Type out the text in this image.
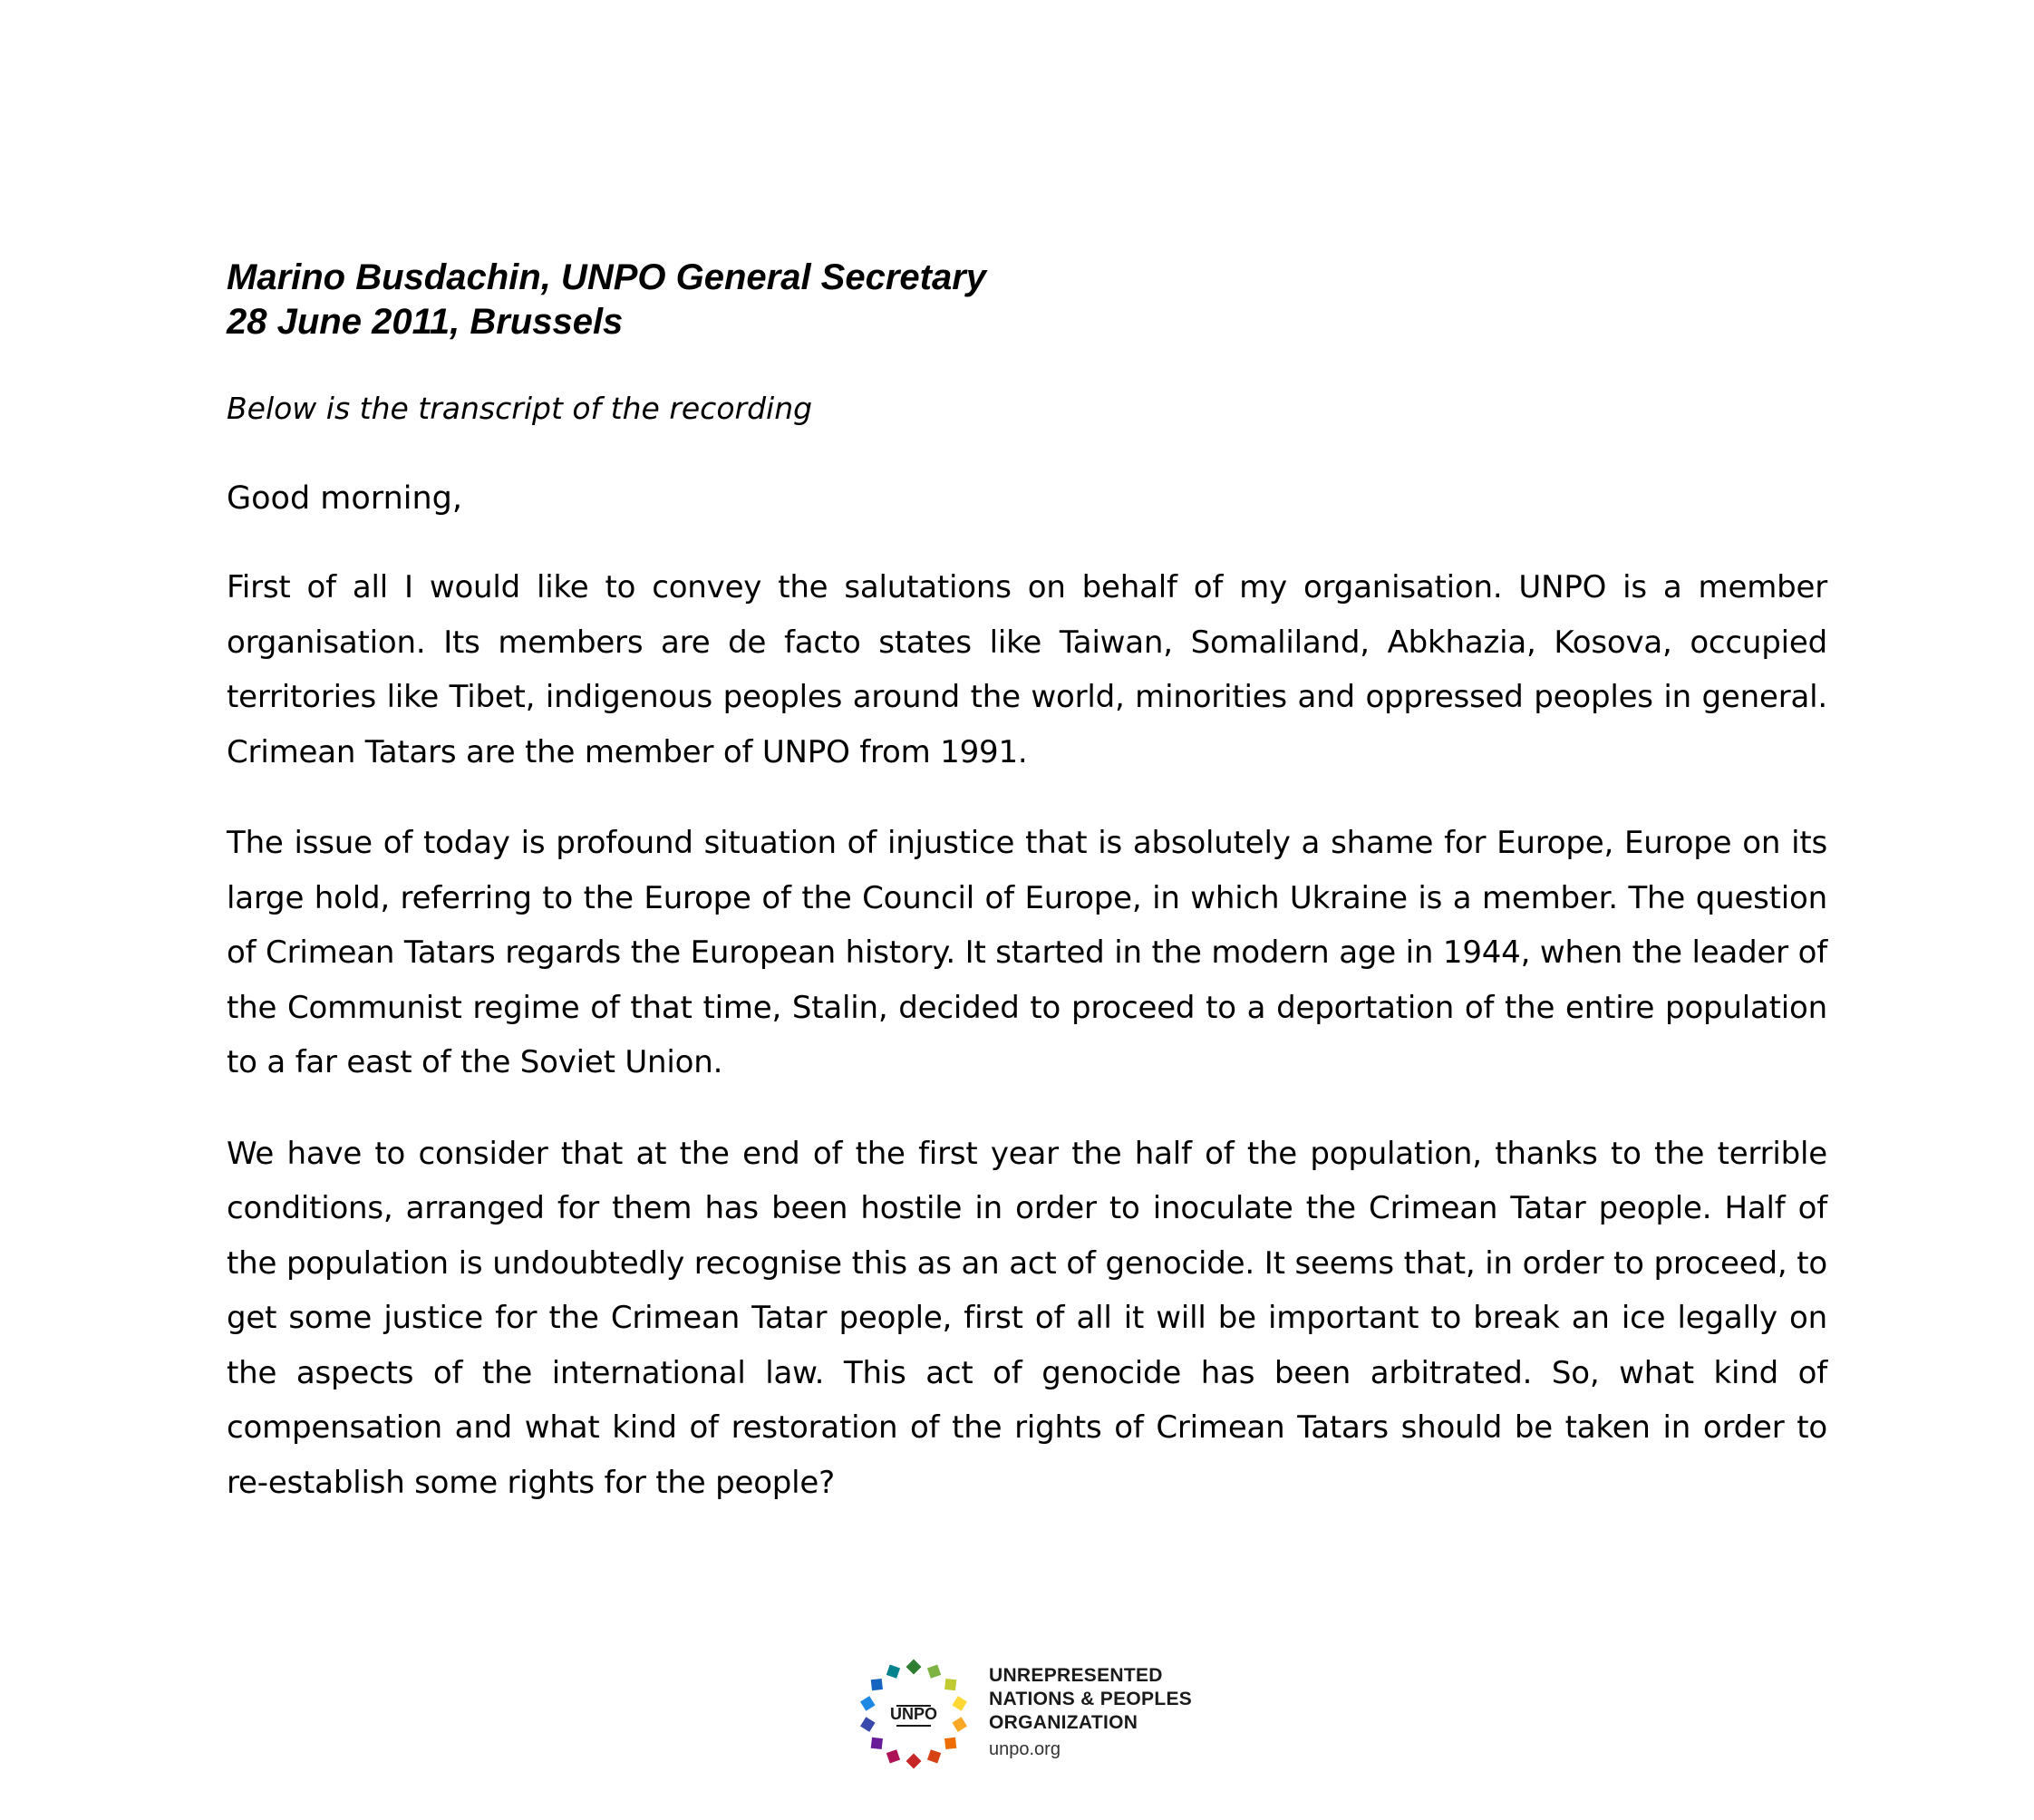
Marino Busdachin, UNPO General Secretary

28 June 2011, Brussels

Below is the transcript of the recording

Good morning,

First of all I would like to convey the salutations on behalf of my organisation. UNPO is a member organisation. Its members are de facto states like Taiwan, Somaliland, Abkhazia, Kosova, occupied territories like Tibet, indigenous peoples around the world, minorities and oppressed peoples in general. Crimean Tatars are the member of UNPO from 1991.

The issue of today is profound situation of injustice that is absolutely a shame for Europe, Europe on its large hold, referring to the Europe of the Council of Europe, in which Ukraine is a member. The question of Crimean Tatars regards the European history. It started in the modern age in 1944, when the leader of the Communist regime of that time, Stalin, decided to proceed to a deportation of the entire population to a far east of the Soviet Union.

We have to consider that at the end of the first year the half of the population, thanks to the terrible conditions, arranged for them has been hostile in order to inoculate the Crimean Tatar people. Half of the population is undoubtedly recognise this as an act of genocide. It seems that, in order to proceed, to get some justice for the Crimean Tatar people, first of all it will be important to break an ice legally on the aspects of the international law. This act of genocide has been arbitrated. So, what kind of compensation and what kind of restoration of the rights of Crimean Tatars should be taken in order to re-establish some rights for the people?

UNPO
UNREPRESENTED
NATIONS & PEOPLES
ORGANIZATION
unpo.org
